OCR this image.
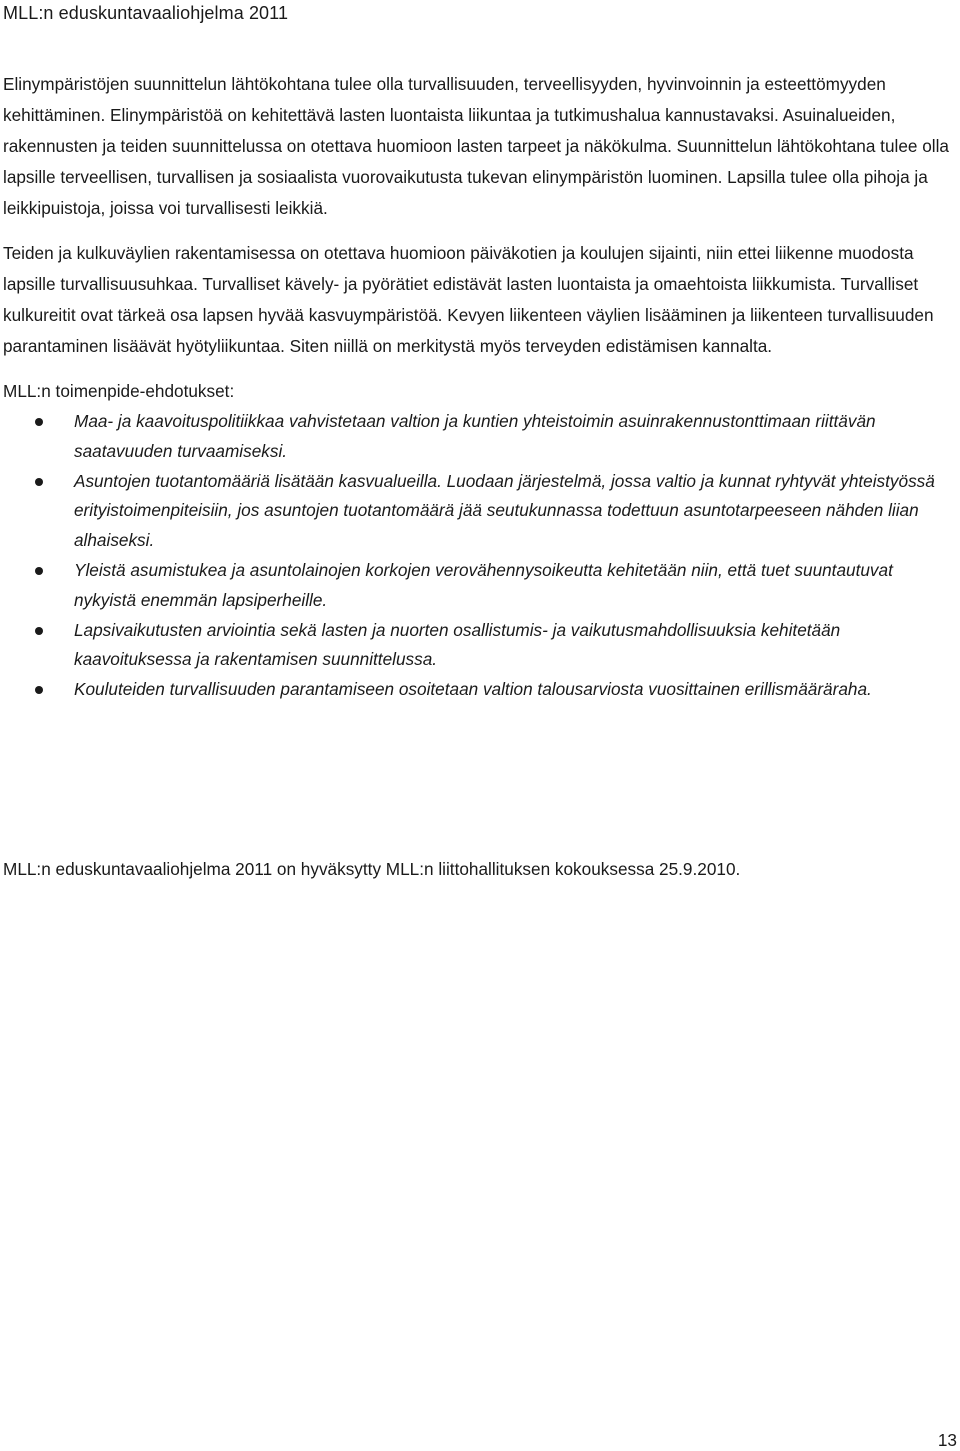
MLL:n eduskuntavaaliohjelma 2011

Elinympäristöjen suunnittelun lähtökohtana tulee olla turvallisuuden, terveellisyyden, hyvinvoinnin ja esteettömyyden kehittäminen. Elinympäristöä on kehitettävä lasten luontaista liikuntaa ja tutkimushalua kannustavaksi. Asuinalueiden, rakennusten ja teiden suunnittelussa on otettava huomioon lasten tarpeet ja näkökulma. Suunnittelun lähtökohtana tulee olla lapsille terveellisen, turvallisen ja sosiaalista vuorovaikutusta tukevan elinympäristön luominen. Lapsilla tulee olla pihoja ja leikkipuistoja, joissa voi turvallisesti leikkiä.

Teiden ja kulkuväylien rakentamisessa on otettava huomioon päiväkotien ja koulujen sijainti, niin ettei liikenne muodosta lapsille turvallisuusuhkaa. Turvalliset kävely- ja pyörätiet edistävät lasten luontaista ja omaehtoista liikkumista. Turvalliset kulkureitit ovat tärkeä osa lapsen hyvää kasvuympäristöä. Kevyen liikenteen väylien lisääminen ja liikenteen turvallisuuden parantaminen lisäävät hyötyliikuntaa. Siten niillä on merkitystä myös terveyden edistämisen kannalta.

MLL:n toimenpide-ehdotukset:

Maa- ja kaavoituspolitiikkaa vahvistetaan valtion ja kuntien yhteistoimin asuinrakennustonttimaan riittävän saatavuuden turvaamiseksi.
Asuntojen tuotantomääriä lisätään kasvualueilla. Luodaan järjestelmä, jossa valtio ja kunnat ryhtyvät yhteistyössä erityistoimenpiteisiin, jos asuntojen tuotantomäärä jää seutukunnassa todettuun asuntotarpeeseen nähden liian alhaiseksi.
Yleistä asumistukea ja asuntolainojen korkojen verovähennysoikeutta kehitetään niin, että tuet suuntautuvat nykyistä enemmän lapsiperheille.
Lapsivaikutusten arviointia sekä lasten ja nuorten osallistumis- ja vaikutusmahdollisuuksia kehitetään kaavoituksessa ja rakentamisen suunnittelussa.
Kouluteiden turvallisuuden parantamiseen osoitetaan valtion talousarviosta vuosittainen erillismääräraha.
MLL:n eduskuntavaaliohjelma 2011 on hyväksytty MLL:n liittohallituksen kokouksessa 25.9.2010.
13
